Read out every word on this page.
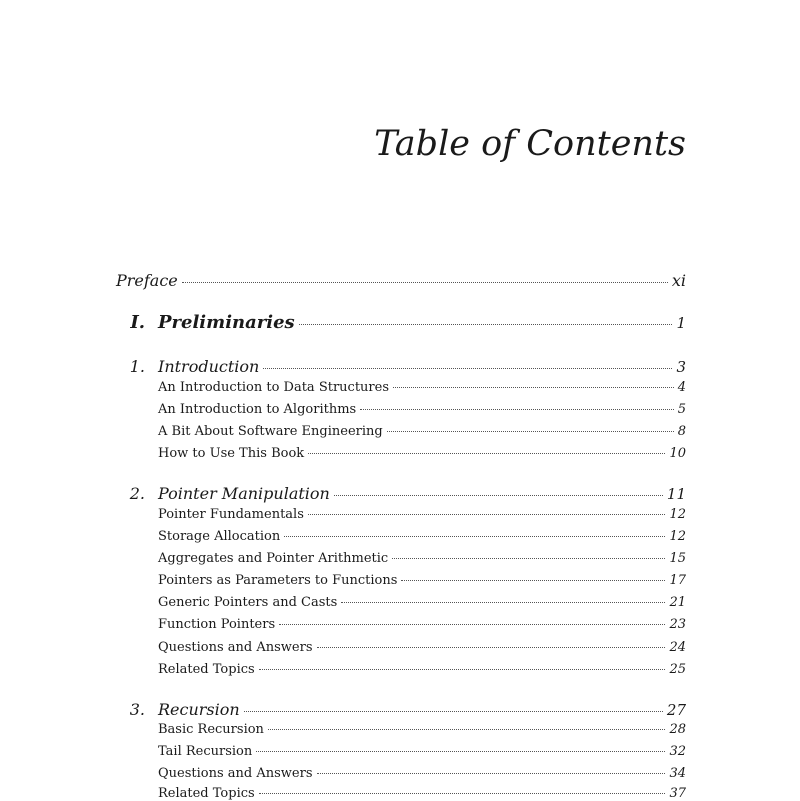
Table of Contents
Preface	xi
I. Preliminaries	1
1. Introduction	3
An Introduction to Data Structures	4
An Introduction to Algorithms	5
A Bit About Software Engineering	8
How to Use This Book	10
2. Pointer Manipulation	11
Pointer Fundamentals	12
Storage Allocation	12
Aggregates and Pointer Arithmetic	15
Pointers as Parameters to Functions	17
Generic Pointers and Casts	21
Function Pointers	23
Questions and Answers	24
Related Topics	25
3. Recursion	27
Basic Recursion	28
Tail Recursion	32
Questions and Answers	34
Related Topics	37
